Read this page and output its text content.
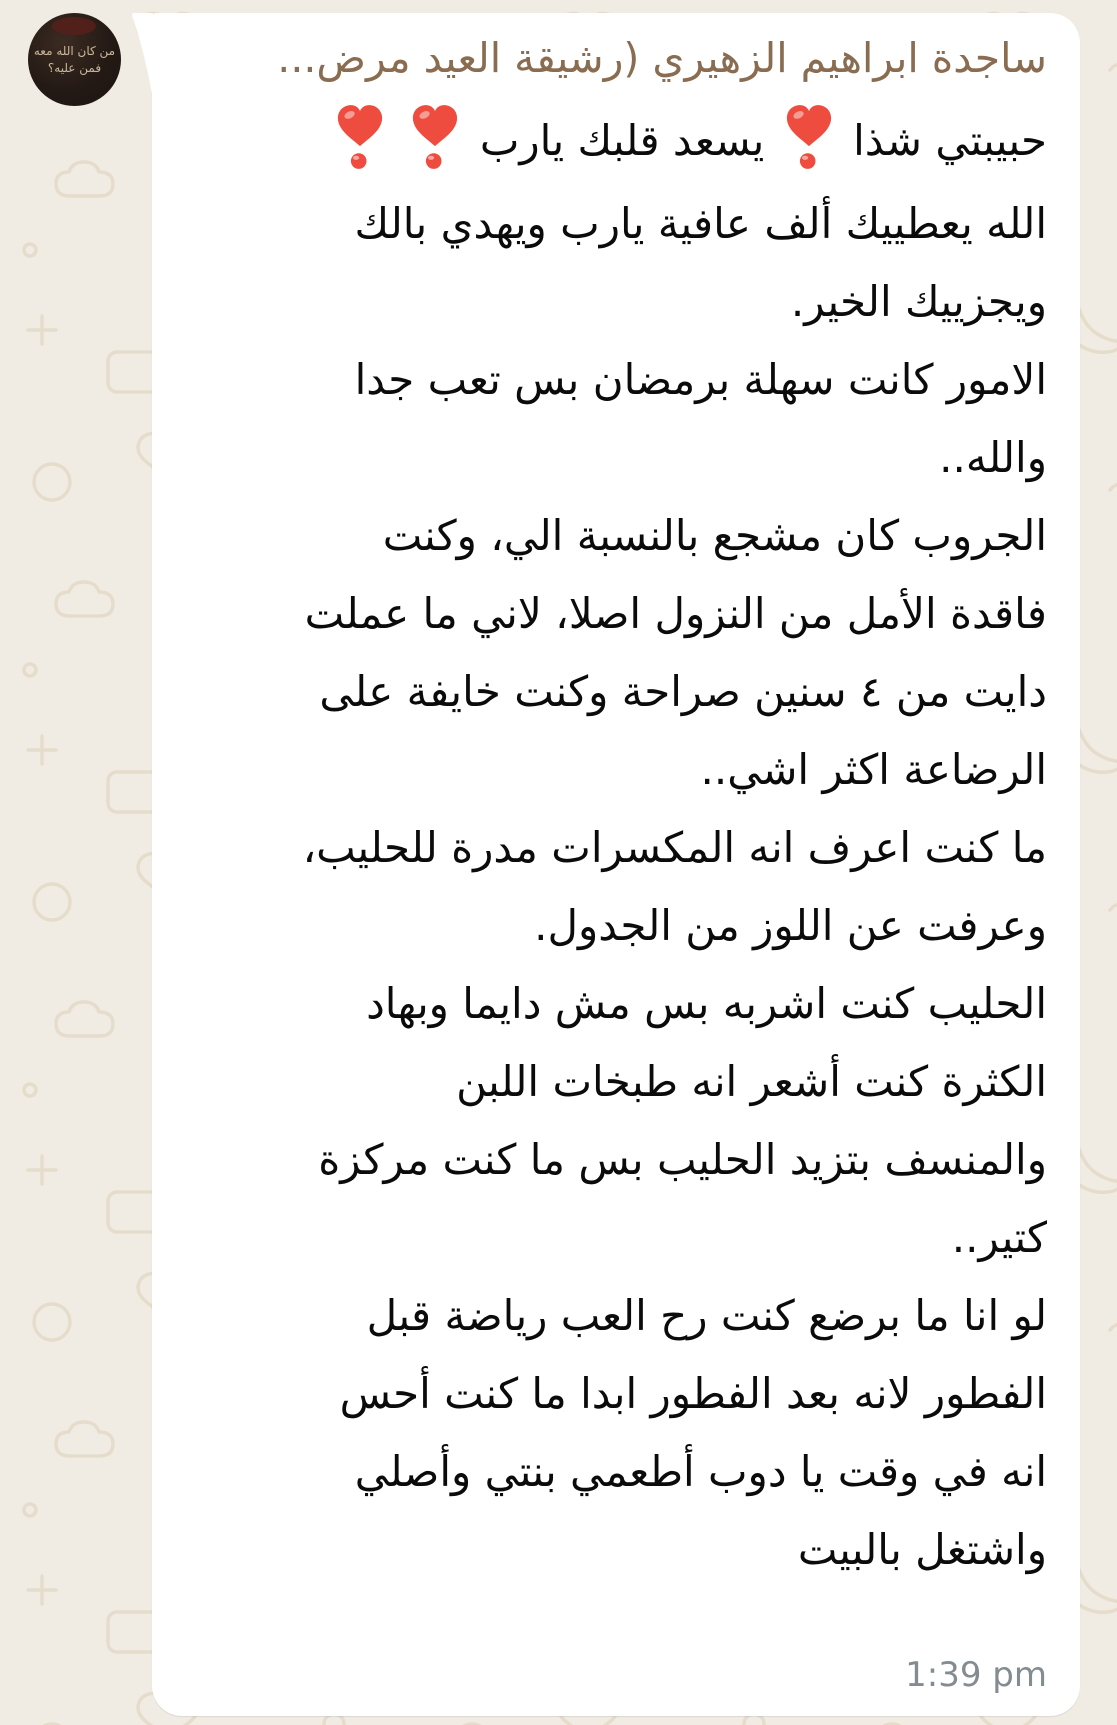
من كان الله معه
فمن عليه؟	ساجدة ابراهيم الزهيري (رشيقة العيد مرض...
حبيبتي شذا  يسعد قلبك يارب
الله يعطييك ألف عافية يارب ويهدي بالك
ويجزييك الخير.
الامور كانت سهلة برمضان بس تعب جدا
والله..
الجروب كان مشجع بالنسبة الي، وكنت
فاقدة الأمل من النزول اصلا، لاني ما عملت
دايت من ٤ سنين صراحة وكنت خايفة على
الرضاعة اكثر اشي..
ما كنت اعرف انه المكسرات مدرة للحليب،
وعرفت عن اللوز من الجدول.
الحليب كنت اشربه بس مش دايما وبهاد
الكثرة كنت أشعر انه طبخات اللبن
والمنسف بتزيد الحليب بس ما كنت مركزة
كتير..
لو انا ما برضع كنت رح العب رياضة قبل
الفطور لانه بعد الفطور ابدا ما كنت أحس
انه في وقت يا دوب أطعمي بنتي وأصلي
واشتغل بالبيت
1:39 pm
